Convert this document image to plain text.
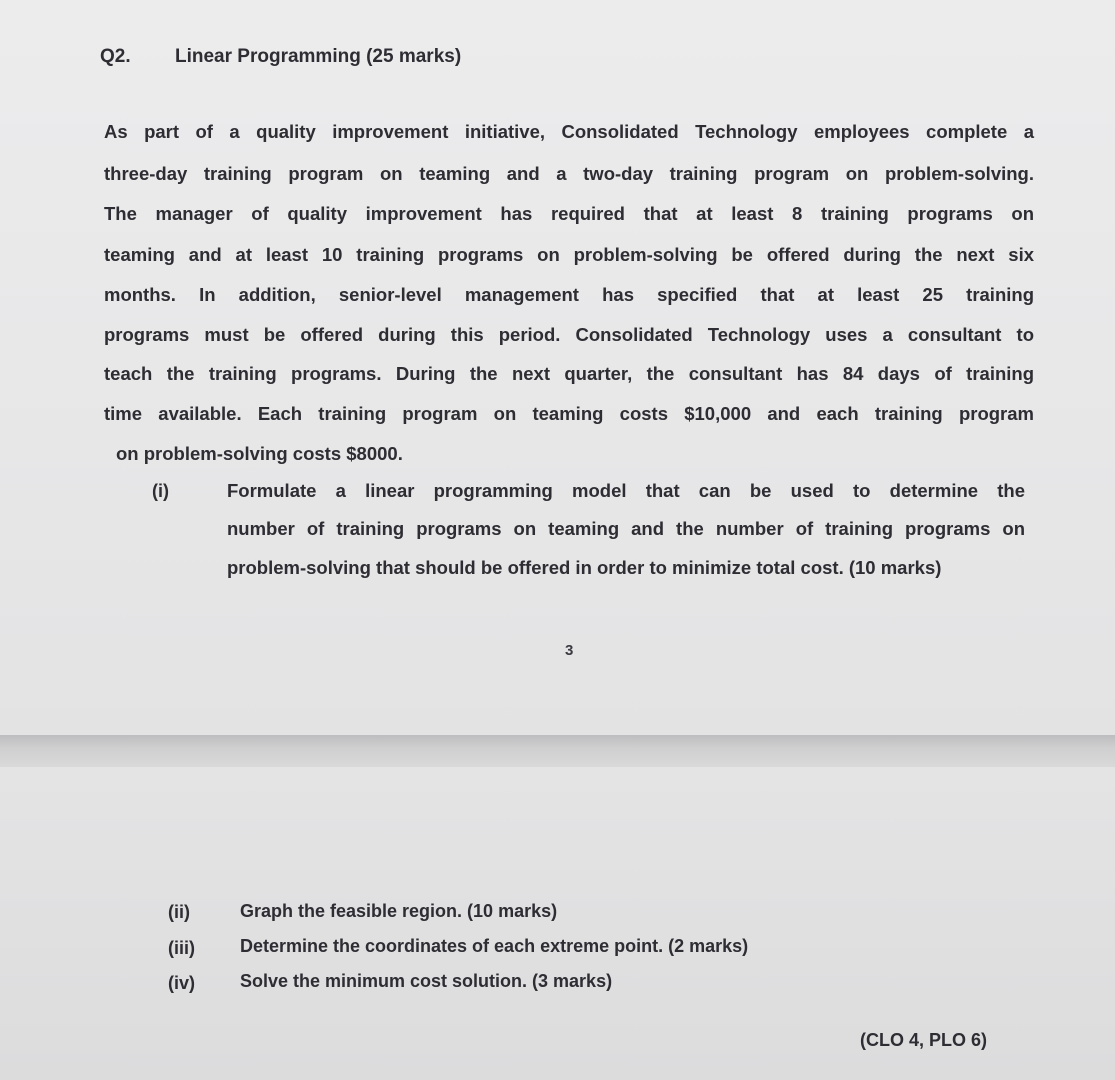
Q2. Linear Programming (25 marks)
As part of a quality improvement initiative, Consolidated Technology employees complete a
three-day training program on teaming and a two-day training program on problem-solving.
The manager of quality improvement has required that at least 8 training programs on
teaming and at least 10 training programs on problem-solving be offered during the next six
months. In addition, senior-level management has specified that at least 25 training
programs must be offered during this period. Consolidated Technology uses a consultant to
teach the training programs. During the next quarter, the consultant has 84 days of training
time available. Each training program on teaming costs $10,000 and each training program
on problem-solving costs $8000.
(i)	Formulate a linear programming model that can be used to determine the
number of training programs on teaming and the number of training programs on
problem-solving that should be offered in order to minimize total cost. (10 marks)
3
(ii)	Graph the feasible region. (10 marks)
(iii)	Determine the coordinates of each extreme point. (2 marks)
(iv)	Solve the minimum cost solution. (3 marks)
(CLO 4, PLO 6)
